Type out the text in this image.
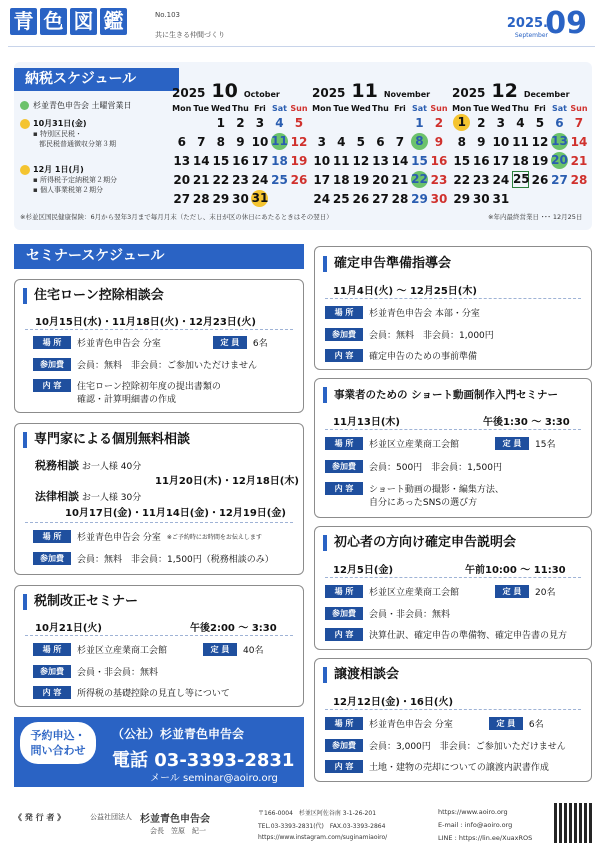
青 色 図 鑑	No.103
共に生きる仲間づくり
2025.
09
September
納税スケジュール
杉並青色申告会 土曜営業日
10月31日(金)
▪ 特別区民税・
都民税普通徴収分第３期
12月 1日(月)
▪ 所得税予定納税第２期分
▪ 個人事業税第２期分
2025 10 October
Mon	Tue	Wed	Thu	Fri	Sat	Sun
		1	2	3	4	5
6	7	8	9	10	11	12
13	14	15	16	17	18	19
20	21	22	23	24	25	26
27	28	29	30	31		
2025 11 November
Mon	Tue	Wed	Thu	Fri	Sat	Sun
					1	2
3	4	5	6	7	8	9
10	11	12	13	14	15	16
17	18	19	20	21	22	23
24	25	26	27	28	29	30
2025 12 December
Mon	Tue	Wed	Thu	Fri	Sat	Sun
1	2	3	4	5	6	7
8	9	10	11	12	13	14
15	16	17	18	19	20	21
22	23	24	25	26	27	28
29	30	31				
※杉並区国民健康保険：6月から翌年3月まで毎月月末（ただし、末日が区の休日にあたるときはその翌日）	※年内最終営業日 ･･･ 12月25日
セミナースケジュール
住宅ローン控除相談会
10月15日(水)・11月18日(火)・12月23日(火)
場 所	杉並青色申告会 分室	定 員	6名
参加費	会員：無料　非会員：ご参加いただけません
内 容	住宅ローン控除初年度の提出書類の
確認・計算明細書の作成
専門家による個別無料相談
税務相談 お一人様 40分
11月20日(木)・12月18日(木)
法律相談 お一人様 30分
10月17日(金)・11月14日(金)・12月19日(金)
場 所	杉並青色申告会 分室 ※ご予約時にお時間をお伝えします
参加費	会員：無料　非会員：1,500円（税務相談のみ）
税制改正セミナー
10月21日(火)	午後2:00 ～ 3:30
場 所	杉並区立産業商工会館	定 員	40名
参加費	会員・非会員：無料
内 容	所得税の基礎控除の見直し等について
確定申告準備指導会
11月4日(火) ～ 12月25日(木)
場 所	杉並青色申告会 本部・分室
参加費	会員：無料　非会員：1,000円
内 容	確定申告のための事前準備
事業者のための ショート動画制作入門セミナー
11月13日(木)	午後1:30 ～ 3:30
場 所	杉並区立産業商工会館	定 員	15名
参加費	会員：500円　非会員：1,500円
内 容	ショート動画の撮影・編集方法、
自分にあったSNSの選び方
初心者の方向け確定申告説明会
12月5日(金)	午前10:00 ～ 11:30
場 所	杉並区立産業商工会館	定 員	20名
参加費	会員・非会員：無料
内 容	決算仕訳、確定申告の準備物、確定申告書の見方
譲渡相談会
12月12日(金)・16日(火)
場 所	杉並青色申告会 分室	定 員	6名
参加費	会員：3,000円　非会員：ご参加いただけません
内 容	土地・建物の売却についての譲渡内訳書作成
予約申込・
問い合わせ
（公社）杉並青色申告会
電話 03-3393-2831
メール seminar@aoiro.org
《 発 行 者 》	公益社団法人 杉並青色申告会
会長　笠原　紀一
〒166-0004　杉並区阿佐谷南 3-1-26-201
TEL.03-3393-2831(代)　FAX.03-3393-2864
https://www.instagram.com/suginamiaoiro/
https://www.aoiro.org
E-mail : info@aoiro.org
LINE : https://lin.ee/XuaxROS
